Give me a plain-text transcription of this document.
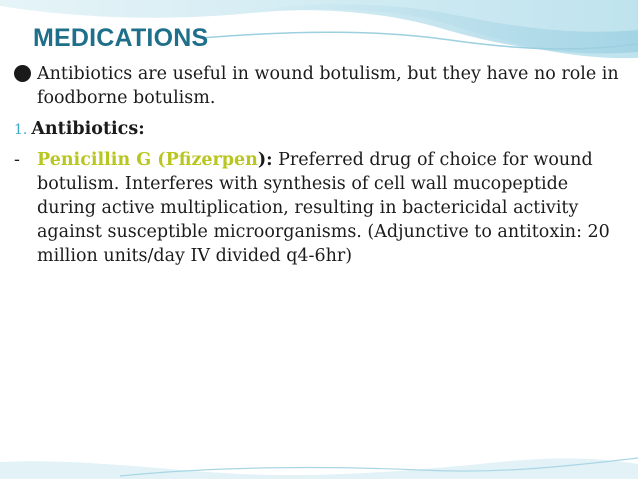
MEDICATIONS
Antibiotics are useful in wound botulism, but they have no role in foodborne botulism.
1. Antibiotics:
- Penicillin G (Pfizerpen): Preferred drug of choice for wound botulism. Interferes with synthesis of cell wall mucopeptide during active multiplication, resulting in bactericidal activity against susceptible microorganisms. (Adjunctive to antitoxin: 20 million units/day IV divided q4-6hr)
